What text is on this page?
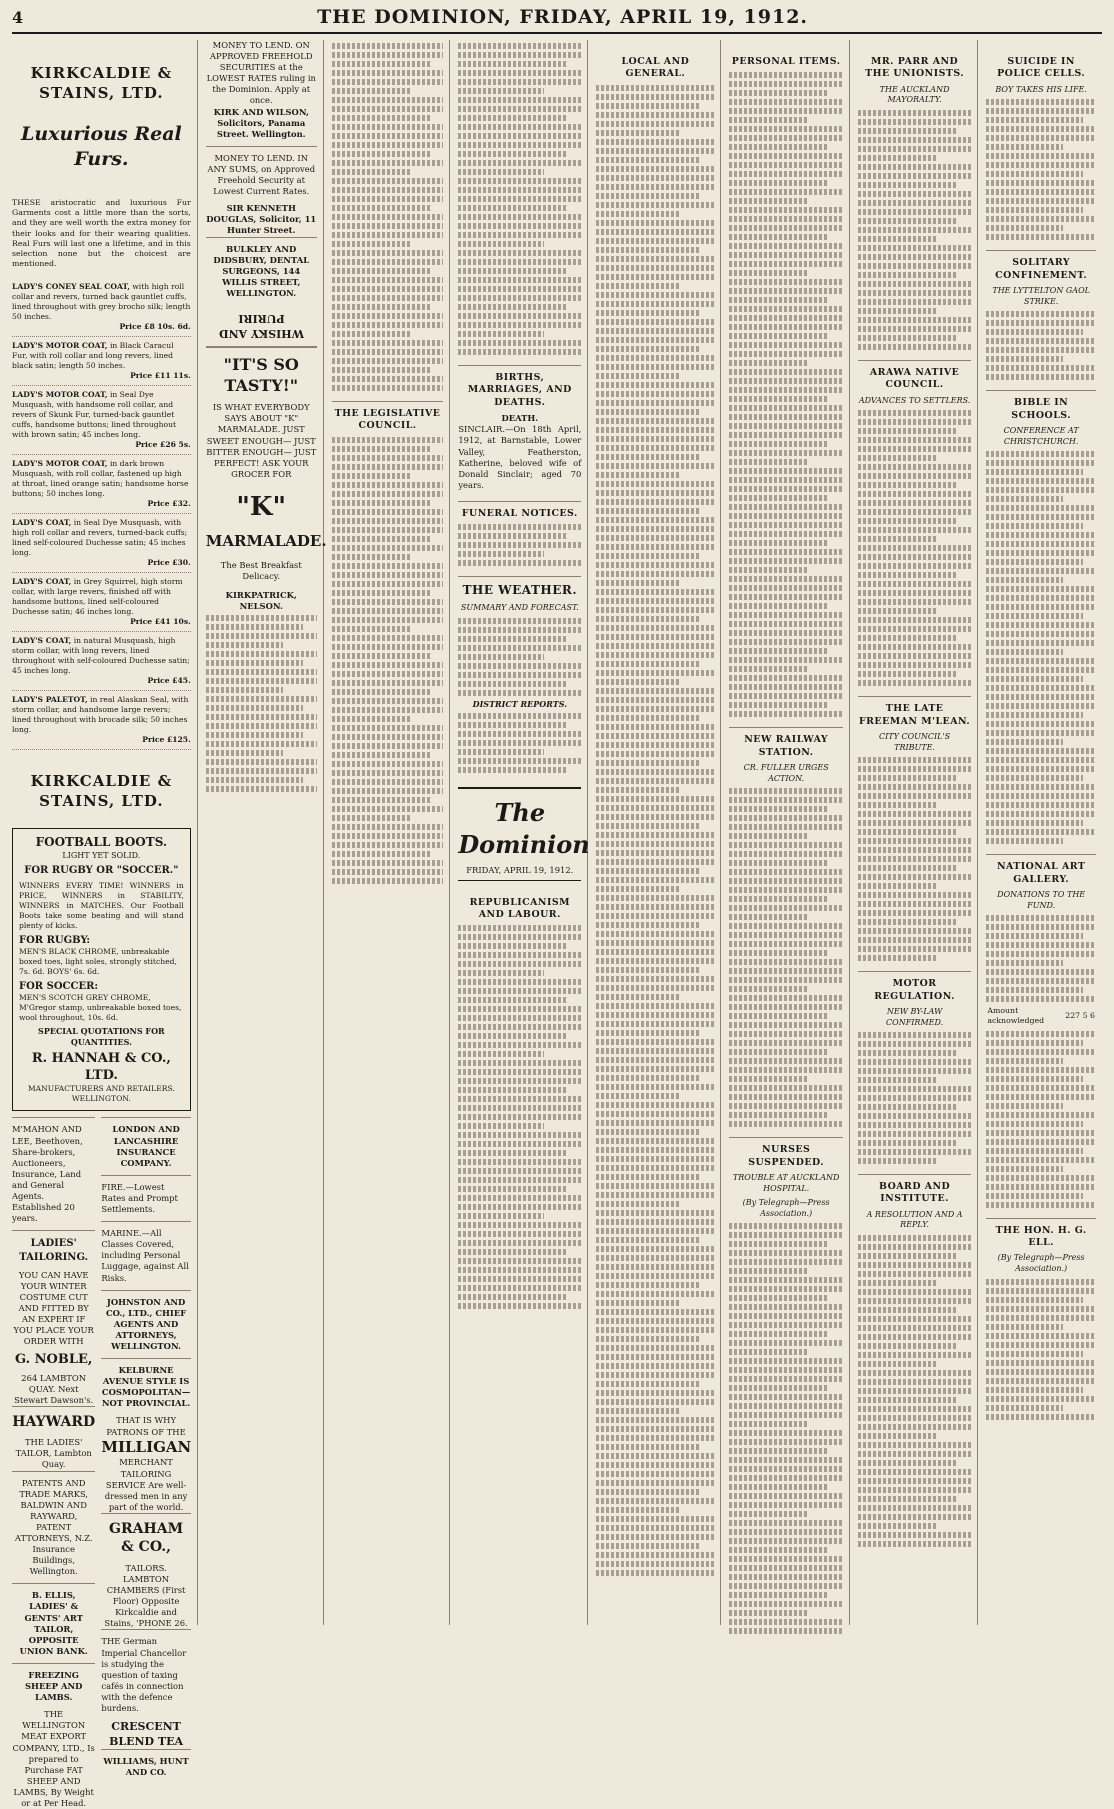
4	THE DOMINION, FRIDAY, APRIL 19, 1912.
KIRKCALDIE & STAINS, LTD.
Luxurious Real Furs.
THESE aristocratic and luxurious Fur Garments cost a little more than the sorts, and they are well worth the extra money for their looks and for their wearing qualities. Real Furs will last one a lifetime, and in this selection none but the choicest are mentioned.
LADY'S CONEY SEAL COAT, with high roll collar and revers, turned back gauntlet cuffs, lined throughout with grey brocho silk; length 50 inches.
Price £8 10s. 6d.
LADY'S MOTOR COAT, in Black Caracul Fur, with roll collar and long revers, lined black satin; length 50 inches.
Price £11 11s.
LADY'S MOTOR COAT, in Seal Dye Musquash, with handsome roll collar, and revers of Skunk Fur, turned-back gauntlet cuffs, handsome buttons; lined throughout with brown satin; 45 inches long.
Price £26 5s.
LADY'S MOTOR COAT, in dark brown Musquash, with roll collar, fastened up high at throat, lined orange satin; handsome horse buttons; 50 inches long.
Price £32.
LADY'S COAT, in Seal Dye Musquash, with high roll collar and revers, turned-back cuffs; lined self-coloured Duchesse satin; 45 inches long.
Price £30.
LADY'S COAT, in Grey Squirrel, high storm collar, with large revers, finished off with handsome buttons, lined self-coloured Duchesse satin; 46 inches long.
Price £41 10s.
LADY'S COAT, in natural Musquash, high storm collar, with long revers, lined throughout with self-coloured Duchesse satin; 45 inches long.
Price £45.
LADY'S PALETOT, in real Alaskan Seal, with storm collar, and handsome large revers; lined throughout with brocade silk; 50 inches long.
Price £125.
KIRKCALDIE & STAINS, LTD.
FOOTBALL BOOTS.
LIGHT YET SOLID.
FOR RUGBY OR "SOCCER."
WINNERS EVERY TIME! WINNERS in PRICE, WINNERS in STABILITY, WINNERS in MATCHES. Our Football Boots take some beating and will stand plenty of kicks.
FOR RUGBY:
MEN'S BLACK CHROME, unbreakable boxed toes, light soles, strongly stitched, 7s. 6d. BOYS' 6s. 6d.
FOR SOCCER:
MEN'S SCOTCH GREY CHROME, M'Gregor stamp, unbreakable boxed toes, wool throughout, 10s. 6d.
SPECIAL QUOTATIONS FOR QUANTITIES.
R. HANNAH & CO., LTD.
MANUFACTURERS AND RETAILERS. WELLINGTON.
M'MAHON AND LEE, Beethoven, Share-brokers, Auctioneers, Insurance, Land and General Agents. Established 20 years.
LADIES' TAILORING.
YOU CAN HAVE YOUR WINTER COSTUME CUT AND FITTED BY AN EXPERT IF YOU PLACE YOUR ORDER WITH
G. NOBLE,
264 LAMBTON QUAY. Next Stewart Dawson's.
HAYWARD
THE LADIES' TAILOR, Lambton Quay.
PATENTS AND TRADE MARKS, BALDWIN AND RAYWARD, PATENT ATTORNEYS, N.Z. Insurance Buildings, Wellington.
B. ELLIS, LADIES' & GENTS' ART TAILOR, OPPOSITE UNION BANK.
FREEZING SHEEP AND LAMBS.
THE WELLINGTON MEAT EXPORT COMPANY, LTD., Is prepared to Purchase FAT SHEEP AND LAMBS, By Weight or at Per Head.
LONDON AND LANCASHIRE INSURANCE COMPANY.
FIRE.—Lowest Rates and Prompt Settlements.
MARINE.—All Classes Covered, including Personal Luggage, against All Risks.
JOHNSTON AND CO., LTD., CHIEF AGENTS AND ATTORNEYS, WELLINGTON.
KELBURNE AVENUE STYLE IS COSMOPOLITAN— NOT PROVINCIAL.
THAT IS WHY PATRONS OF THE
MILLIGAN
MERCHANT TAILORING SERVICE Are well-dressed men in any part of the world.
GRAHAM & CO.,
TAILORS.
LAMBTON CHAMBERS (First Floor) Opposite Kirkcaldie and Stains, 'PHONE 26.
THE German Imperial Chancellor is studying the question of taxing cafés in connection with the defence burdens.
CRESCENT BLEND TEA
WILLIAMS, HUNT AND CO.
MONEY TO LEND. ON APPROVED FREEHOLD SECURITIES at the LOWEST RATES ruling in the Dominion. Apply at once.
KIRK AND WILSON, Solicitors, Panama Street. Wellington.
MONEY TO LEND. IN ANY SUMS, on Approved Freehold Security at Lowest Current Rates.
SIR KENNETH DOUGLAS, Solicitor, 11 Hunter Street.
BULKLEY AND DIDSBURY, DENTAL SURGEONS, 144 WILLIS STREET, WELLINGTON.
WHISKY AND PURIRI
"IT'S SO TASTY!"
IS WHAT EVERYBODY SAYS ABOUT "K" MARMALADE. JUST SWEET ENOUGH— JUST BITTER ENOUGH— JUST PERFECT! ASK YOUR GROCER FOR
"K"
MARMALADE.
The Best Breakfast Delicacy.
KIRKPATRICK, NELSON.
THE LEGISLATIVE COUNCIL.
BIRTHS, MARRIAGES, AND DEATHS.
DEATH.
SINCLAIR.—On 18th April, 1912, at Barnstable, Lower Valley, Featherston, Katherine, beloved wife of Donald Sinclair; aged 70 years.
FUNERAL NOTICES.
THE WEATHER.
SUMMARY AND FORECAST.
DISTRICT REPORTS.
The Dominion
FRIDAY, APRIL 19, 1912.
REPUBLICANISM AND LABOUR.
LOCAL AND GENERAL.
PERSONAL ITEMS.
NEW RAILWAY STATION.
CR. FULLER URGES ACTION.
NURSES SUSPENDED.
TROUBLE AT AUCKLAND HOSPITAL.
(By Telegraph—Press Association.)
MR. PARR AND THE UNIONISTS.
THE AUCKLAND MAYORALTY.
ARAWA NATIVE COUNCIL.
ADVANCES TO SETTLERS.
THE LATE FREEMAN M'LEAN.
CITY COUNCIL'S TRIBUTE.
MOTOR REGULATION.
NEW BY-LAW CONFIRMED.
BOARD AND INSTITUTE.
A RESOLUTION AND A REPLY.
SUICIDE IN POLICE CELLS.
BOY TAKES HIS LIFE.
SOLITARY CONFINEMENT.
THE LYTTELTON GAOL STRIKE.
BIBLE IN SCHOOLS.
CONFERENCE AT CHRISTCHURCH.
NATIONAL ART GALLERY.
DONATIONS TO THE FUND.
Amount acknowledged	227 5 6
THE HON. H. G. ELL.
(By Telegraph—Press Association.)
